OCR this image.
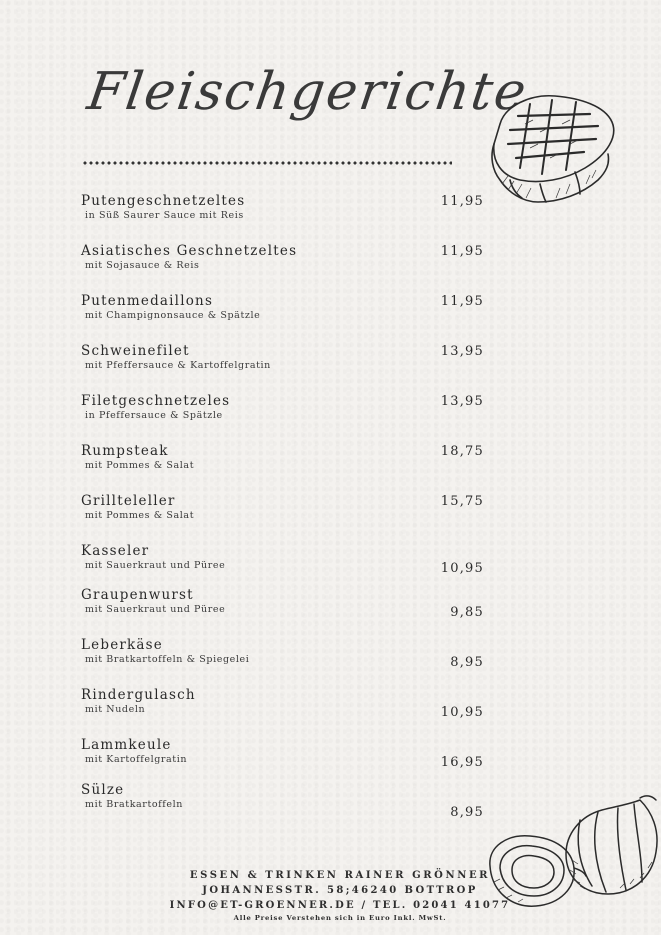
Fleischgerichte
Putengeschnetzeltes
in Süß Saurer Sauce mit Reis
11,95
Asiatisches Geschnetzeltes
mit Sojasauce & Reis
11,95
Putenmedaillons
mit Champignonsauce & Spätzle
11,95
Schweinefilet
mit Pfeffersauce & Kartoffelgratin
13,95
Filetgeschnetzeles
in Pfeffersauce & Spätzle
13,95
Rumpsteak
mit Pommes & Salat
18,75
Grillteleller
mit Pommes & Salat
15,75
Kasseler
mit Sauerkraut und Püree	10,95
Graupenwurst
mit Sauerkraut und Püree	9,85
Leberkäse
mit Bratkartoffeln & Spiegelei	8,95
Rindergulasch
mit Nudeln	10,95
Lammkeule
mit Kartoffelgratin	16,95
Sülze
mit Bratkartoffeln
8,95
ESSEN & TRINKEN RAINER GRÖNNER
JOHANNESSTR. 58;46240 BOTTROP
INFO@ET-GROENNER.DE / TEL. 02041 41077
Alle Preise Verstehen sich in Euro Inkl. MwSt.
